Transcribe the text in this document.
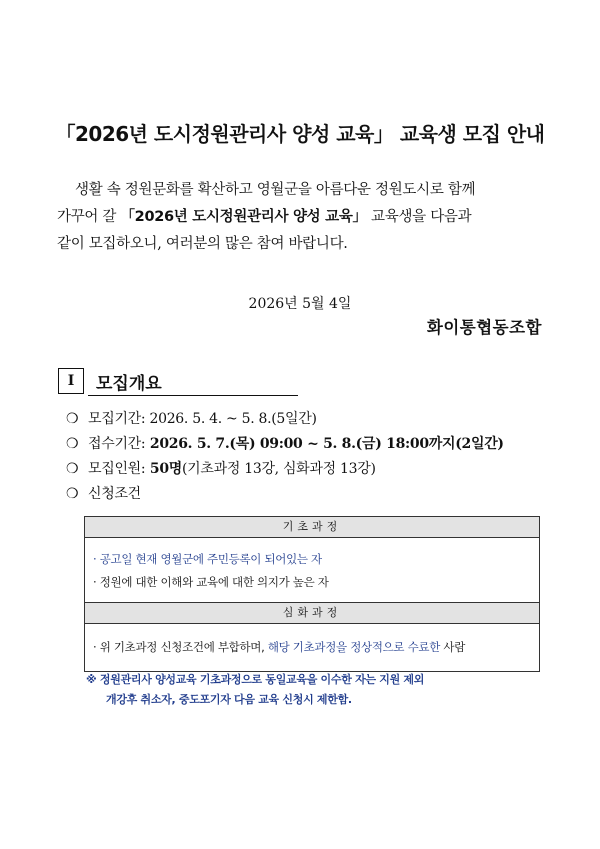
「2026년 도시정원관리사 양성 교육」 교육생 모집 안내
생활 속 정원문화를 확산하고 영월군을 아름다운 정원도시로 함께
가꾸어 갈 「2026년 도시정원관리사 양성 교육」 교육생을 다음과
같이 모집하오니, 여러분의 많은 참여 바랍니다.
2026년 5월 4일
화이통협동조합
Ⅰ	모집개요
❍ 모집기간: 2026. 5. 4. ~ 5. 8.(5일간)
❍ 접수기간: 2026. 5. 7.(목) 09:00 ~ 5. 8.(금) 18:00까지(2일간)
❍ 모집인원: 50명(기초과정 13강, 심화과정 13강)
❍ 신청조건
기초과정
· 공고일 현재 영월군에 주민등록이 되어있는 자
· 정원에 대한 이해와 교육에 대한 의지가 높은 자
심화과정
· 위 기초과정 신청조건에 부합하며, 해당 기초과정을 정상적으로 수료한 사람
※ 정원관리사 양성교육 기초과정으로 동일교육을 이수한 자는 지원 제외
개강후 취소자, 중도포기자 다음 교육 신청시 제한함.
